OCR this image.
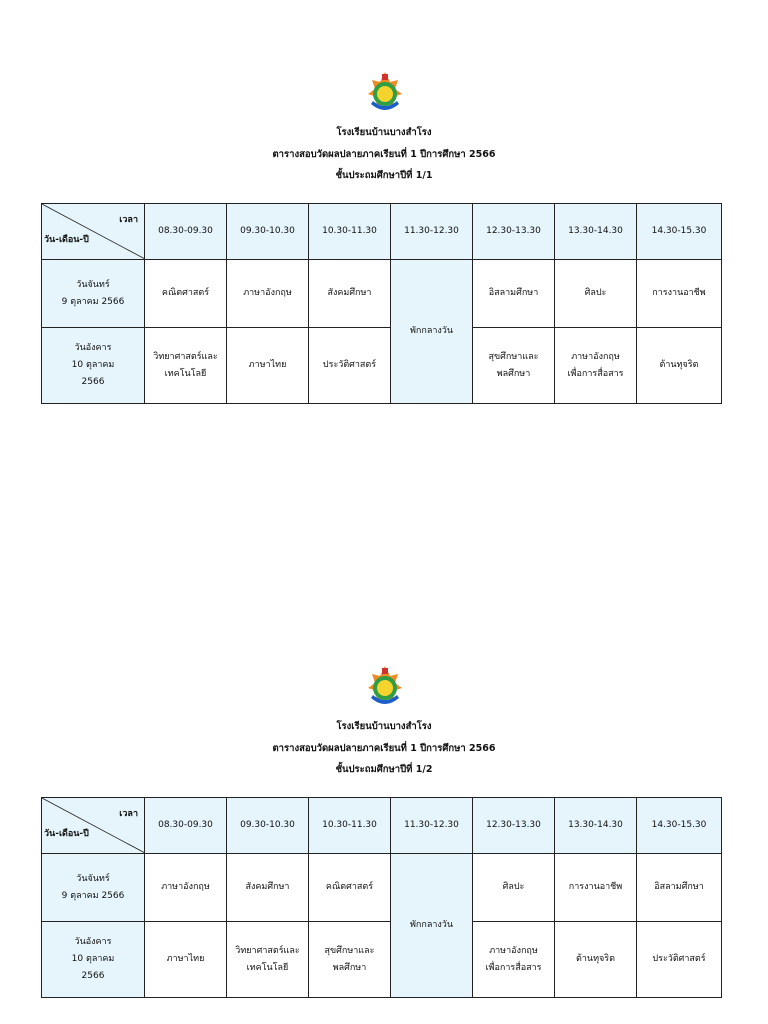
โรงเรียนบ้านบางสำโรง
ตารางสอบวัดผลปลายภาคเรียนที่ 1 ปีการศึกษา 2566
ชั้นประถมศึกษาปีที่ 1/1
เวลา
วัน-เดือน-ปี	08.30-09.30	09.30-10.30	10.30-11.30	11.30-12.30	12.30-13.30	13.30-14.30	14.30-15.30

วันจันทร์
9 ตุลาคม 2566	คณิตศาสตร์	ภาษาอังกฤษ	สังคมศึกษา	พักกลางวัน	อิสลามศึกษา	ศิลปะ	การงานอาชีพ

วันอังคาร
10 ตุลาคม
2566	วิทยาศาสตร์และ
เทคโนโลยี	ภาษาไทย	ประวัติศาสตร์		สุขศึกษาและ
พลศึกษา	ภาษาอังกฤษ
เพื่อการสื่อสาร	ต้านทุจริต
โรงเรียนบ้านบางสำโรง
ตารางสอบวัดผลปลายภาคเรียนที่ 1 ปีการศึกษา 2566
ชั้นประถมศึกษาปีที่ 1/2
เวลา
วัน-เดือน-ปี	08.30-09.30	09.30-10.30	10.30-11.30	11.30-12.30	12.30-13.30	13.30-14.30	14.30-15.30

วันจันทร์
9 ตุลาคม 2566	ภาษาอังกฤษ	สังคมศึกษา	คณิตศาสตร์	พักกลางวัน	ศิลปะ	การงานอาชีพ	อิสลามศึกษา

วันอังคาร
10 ตุลาคม
2566	ภาษาไทย	วิทยาศาสตร์และ
เทคโนโลยี	สุขศึกษาและ
พลศึกษา		ภาษาอังกฤษ
เพื่อการสื่อสาร	ต้านทุจริต	ประวัติศาสตร์
